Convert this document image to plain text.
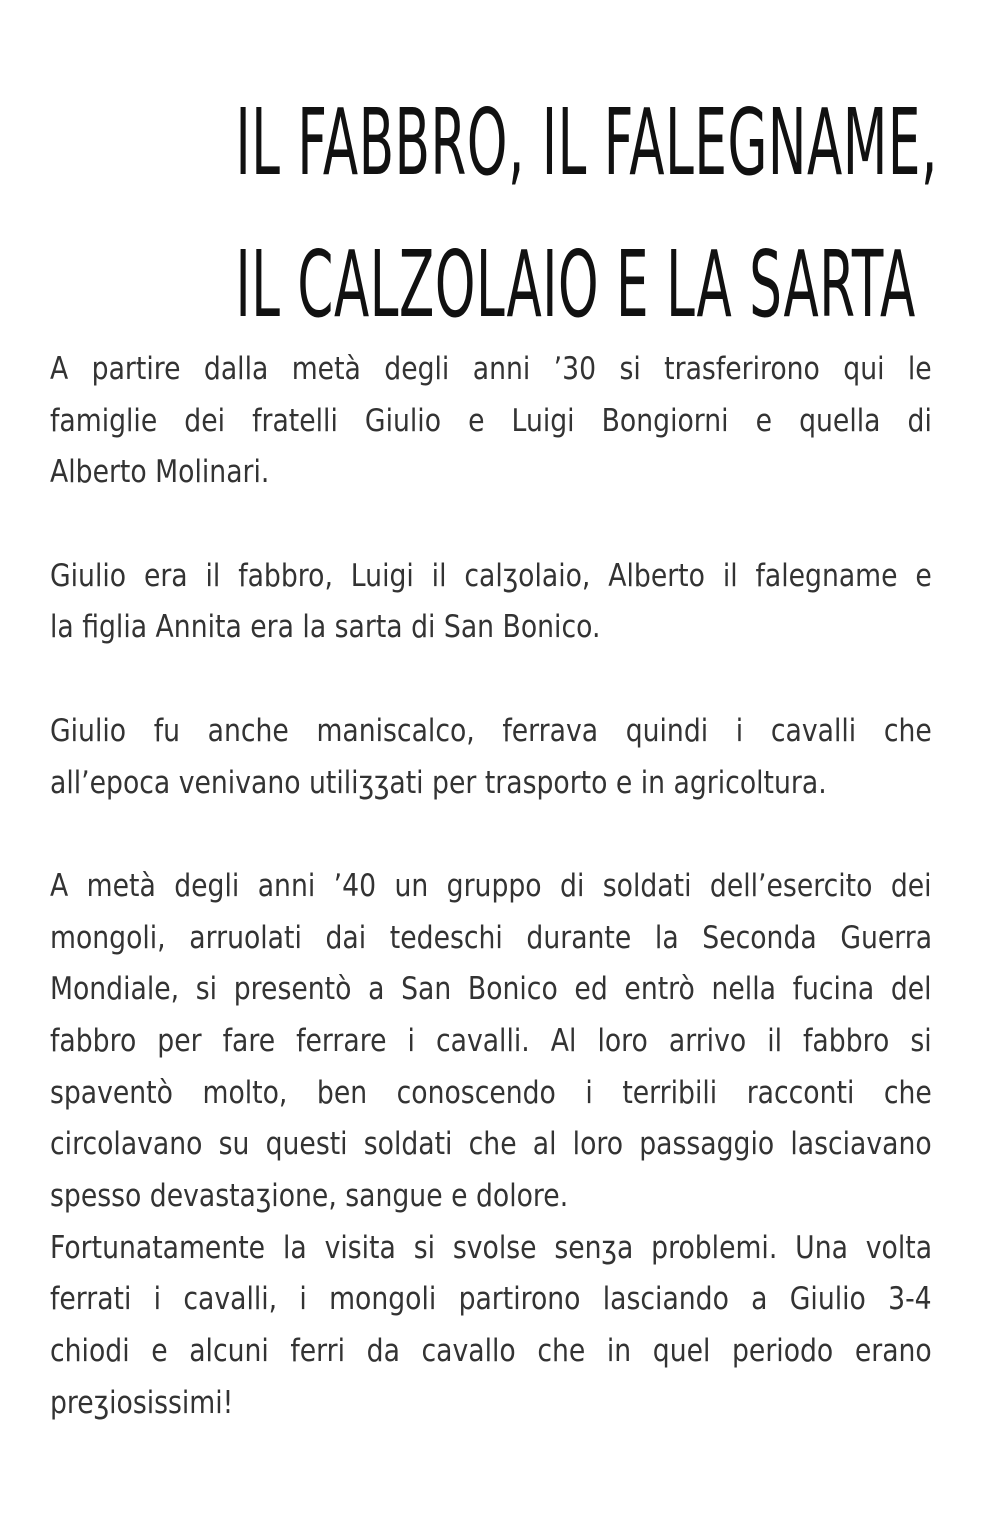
IL FABBRO, IL FALEGNAME,
IL CALZOLAIO E LA SARTA

A partire dalla metà degli anni ’30 si trasferirono qui le
famiglie dei fratelli Giulio e Luigi Bongiorni e quella di
Alberto Molinari.

Giulio era il fabbro, Luigi il calʒolaio, Alberto il falegname e
la figlia Annita era la sarta di San Bonico.

Giulio fu anche maniscalco, ferrava quindi i cavalli che
all’epoca venivano utiliʒʒati per trasporto e in agricoltura.

A metà degli anni ’40 un gruppo di soldati dell’esercito dei
mongoli, arruolati dai tedeschi durante la Seconda Guerra
Mondiale, si presentò a San Bonico ed entrò nella fucina del
fabbro per fare ferrare i cavalli. Al loro arrivo il fabbro si
spaventò molto, ben conoscendo i terribili racconti che
circolavano su questi soldati che al loro passaggio lasciavano
spesso devastaʒione, sangue e dolore.
Fortunatamente la visita si svolse senʒa problemi. Una volta
ferrati i cavalli, i mongoli partirono lasciando a Giulio 3-4
chiodi e alcuni ferri da cavallo che in quel periodo erano
preʒiosissimi!
